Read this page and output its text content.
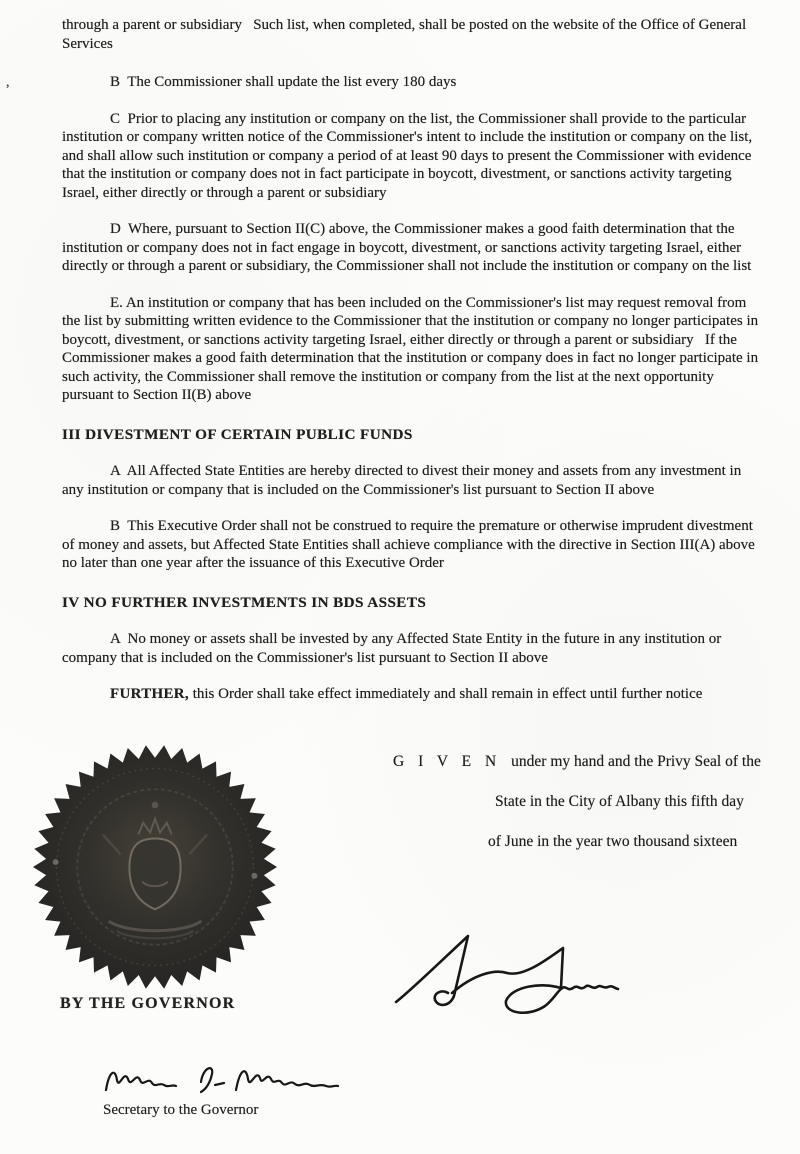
through a parent or subsidiary   Such list, when completed, shall be posted on the website of the Office of General Services

,	B  The Commissioner shall update the list every 180 days

C  Prior to placing any institution or company on the list, the Commissioner shall provide to the particular institution or company written notice of the Commissioner's intent to include the institution or company on the list, and shall allow such institution or company a period of at least 90 days to present the Commissioner with evidence that the institution or company does not in fact participate in boycott, divestment, or sanctions activity targeting Israel, either directly or through a parent or subsidiary

D  Where, pursuant to Section II(C) above, the Commissioner makes a good faith determination that the institution or company does not in fact engage in boycott, divestment, or sanctions activity targeting Israel, either directly or through a parent or subsidiary, the Commissioner shall not include the institution or company on the list

E. An institution or company that has been included on the Commissioner's list may request removal from the list by submitting written evidence to the Commissioner that the institution or company no longer participates in boycott, divestment, or sanctions activity targeting Israel, either directly or through a parent or subsidiary   If the Commissioner makes a good faith determination that the institution or company does in fact no longer participate in such activity, the Commissioner shall remove the institution or company from the list at the next opportunity pursuant to Section II(B) above

III DIVESTMENT OF CERTAIN PUBLIC FUNDS

A  All Affected State Entities are hereby directed to divest their money and assets from any investment in any institution or company that is included on the Commissioner's list pursuant to Section II above

B  This Executive Order shall not be construed to require the premature or otherwise imprudent divestment of money and assets, but Affected State Entities shall achieve compliance with the directive in Section III(A) above no later than one year after the issuance of this Executive Order

IV NO FURTHER INVESTMENTS IN BDS ASSETS

A  No money or assets shall be invested by any Affected State Entity in the future in any institution or company that is included on the Commissioner's list pursuant to Section II above

FURTHER, this Order shall take effect immediately and shall remain in effect until further notice

G I V E N under my hand and the Privy Seal of the
State in the City of Albany this fifth day
of June in the year two thousand sixteen
BY THE GOVERNOR
Secretary to the Governor
